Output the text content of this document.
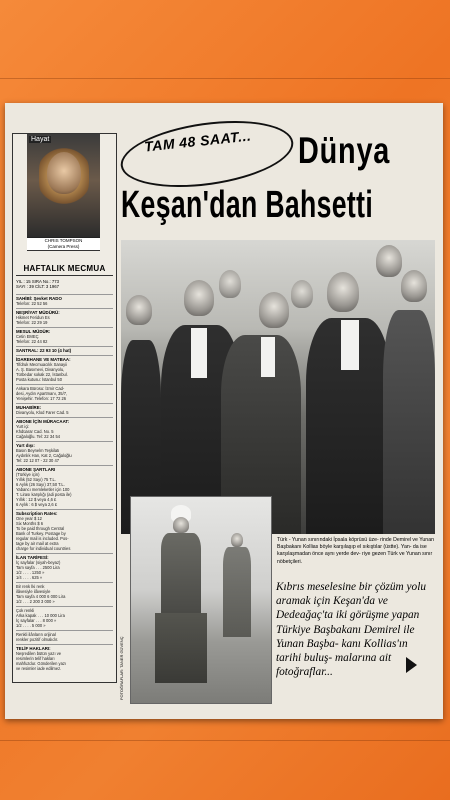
Hayat
CHRIS TOMPSON
(Camera Press)
HAFTALIK MECMUA
YIL : 15 SIRA No.: 773
SAYI : 39 CİLT: 3 1967
SAHİBİ: Şevket RADO
Telefon: 22 52 56
NEŞRİYAT MÜDÜRÜ:
Hikmet Feridun Es
Telefon: 22 29 19
MESUL MÜDÜR:
Cetin EMEÇ
Telefon: 22 44 82
SANTRAL: 22 93 10 (4 hat)
İDAREHANE VE MATBAA:
Tifdruk Mecmuacılık Sanayii
A. Ş. Basımevi, Divanyolu,
Türbedar sokak 22, İstanbul.
Posta kutusu: İstanbul 50
Ankara Bürosu: İzmir Cad-
desi, Aydın Apartmanı, 35/7,
Yenişehir. Telefon: 17 72 26
MUHABİRE:
Divanyolu, Klod Farer Cad. 5
ABONE İÇİN MÜRACAAT:
Yurt içi:
Khdüarar Cad. No. 5
Cağaloğlu. Tel: 22 34 54
Yurt dışı:
Basın Beynelm Teşkilatı
Aydınlık Han, Kat 2, Cağaloğlu
Tel: 22 12 07 - 22 30 47
ABONE ŞARTLARI
(Türkiye için)
Yıllık (52 Sayı) 75 T.L.
6 Aylık (26 Sayı) 37,50 T.L.
Yabancı memleketler için 100
T. Lirası karşılığı (adi posta ile)
Yıllık : 12 $ veya 4,6 £
6 Aylık : 6 $ veya 2,6 £
Subscription Rates:
One year $ 12
Six Months $ 6
To be paid through Central
Bank of Turkey. Postage by
regular mail is included. Pos-
tage by air mail at extra
charge for individual countries
İLAN TARİFESİ:
İç sayfalar (siyah-beyaz)
Tam sayfa . . . 2500 Lira
1/2 . . . . 1250 »
1/4 . . . . 625 »
Bir renk İki renk
ilâvesiyle ilâvesiyle
Tam sayfa 4 000 6 000 Lira
1/2 . . . 2 200 3 000 »
Çok renkli
Arka kapak . . . 10 000 Lira
İç sayfalar . . . 8 000 »
1/2 . . . . 5 000 »
Renkli ilânların orijinal
renkler pozitif olmalıdır.
TELİF HAKLARI:
Neşredilen bütün yazı ve
resimlerin telif hakları
mahfuzdur. Gönderilen yazı
ve resimler iade edilmez.
TAM 48 SAAT... Dünya
Keşan'dan Bahsetti
FOTOĞRAFLAR: TANER GÜVENÇ
Türk - Yunan sınırındaki İpsala köprüsü üze- rinde Demirel ve Yunan Başbakanı Kollias böyle karşılaşıp el sıkıştılar (üstte). Yan- da ise karşılaşmadan önce aynı yerde dev- riye gezen Türk ve Yunan sınır nöbetçileri.
Kıbrıs meselesine bir çözüm yolu aramak için Keşan'da ve Dedeağaç'ta iki görüşme yapan Türkiye Başbakanı Demirel ile Yunan Başba- kanı Kollias'ın tarihi buluş- malarına ait fotoğraflar...
